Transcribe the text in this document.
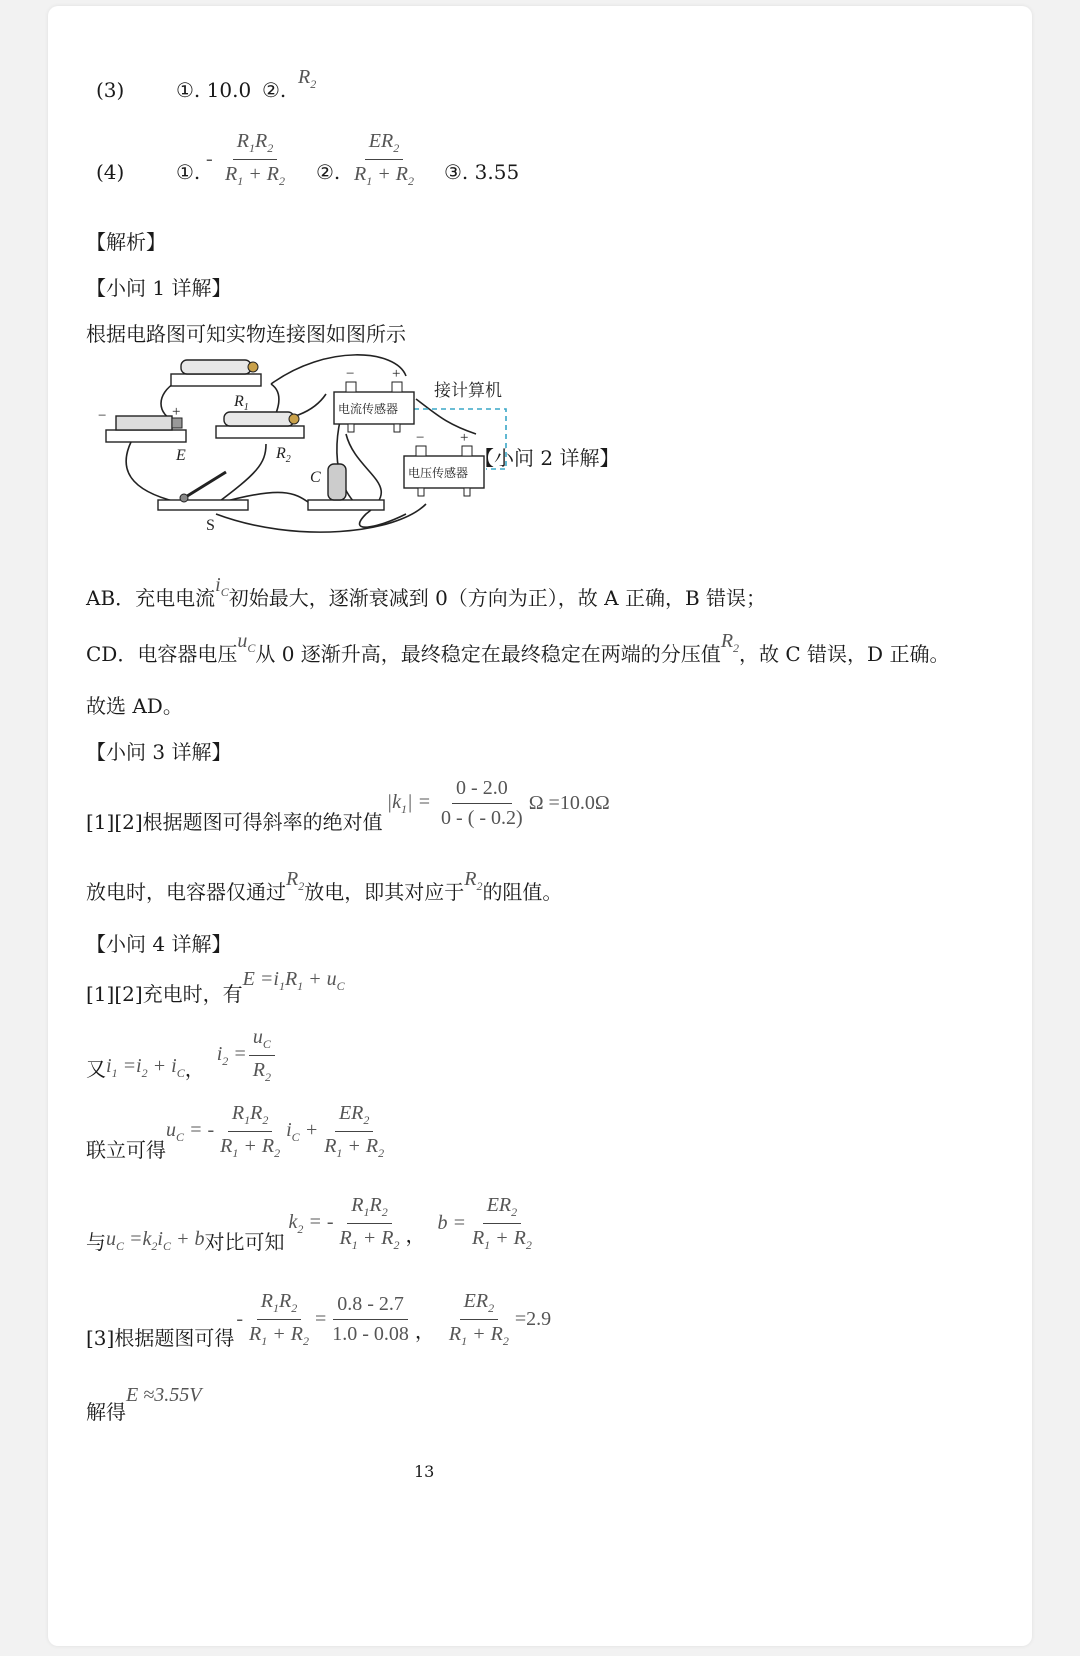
(3)	①. 10.0 ②.
$R_2$
(4)	①.
- $\frac{R_1R_2}{R_1 + R_2}$ ②. $\frac{ER_2}{R_1 + R_2}$ ③. 3.55
【解析】
【小问 1 详解】
根据电路图可知实物连接图如图所示
−	+
−	+
− +
$R_1$
$R_2$
E
C
S
电流传感器
电压传感器
接计算机
【小问 2 详解】
AB．充电电流$i_C$初始最大，逐渐衰减到 0（方向为正），故 A 正确，B 错误；
CD．电容器电压$u_C$从 0 逐渐升高，最终稳定在最终稳定在两端的分压值$R_2$，故 C 错误，D 正确。
故选 AD。
【小问 3 详解】
[1][2]根据题图可得斜率的绝对值
$|k_1| = \frac{0 - 2.0}{0 - ( - 0.2)}$ Ω =10.0Ω
放电时，电容器仅通过$R_2$放电，即其对应于$R_2$的阻值。
【小问 4 详解】
[1][2]充电时，有$E =i_1R_1 + u_C$
又 $i_1 =i_2 + i_C$ ，
$i_2 = \frac{u_C}{R_2}$
联立可得
$u_C$ = - $\frac{R_1R_2}{R_1 + R_2} i_C + \frac{ER_2}{R_1 + R_2}$
与 $u_C =k_2i_C + b$ 对比可知
$k_2$ = - $\frac{R_1R_2}{R_1 + R_2}$ ， $b = \frac{ER_2}{R_1 + R_2}$
[3]根据题图可得
- $\frac{R_1R_2}{R_1 + R_2} = \frac{0.8 - 2.7}{1.0 - 0.08}$ ， $\frac{ER_2}{R_1 + R_2} =2.9$
解得E ≈3.55V
13
